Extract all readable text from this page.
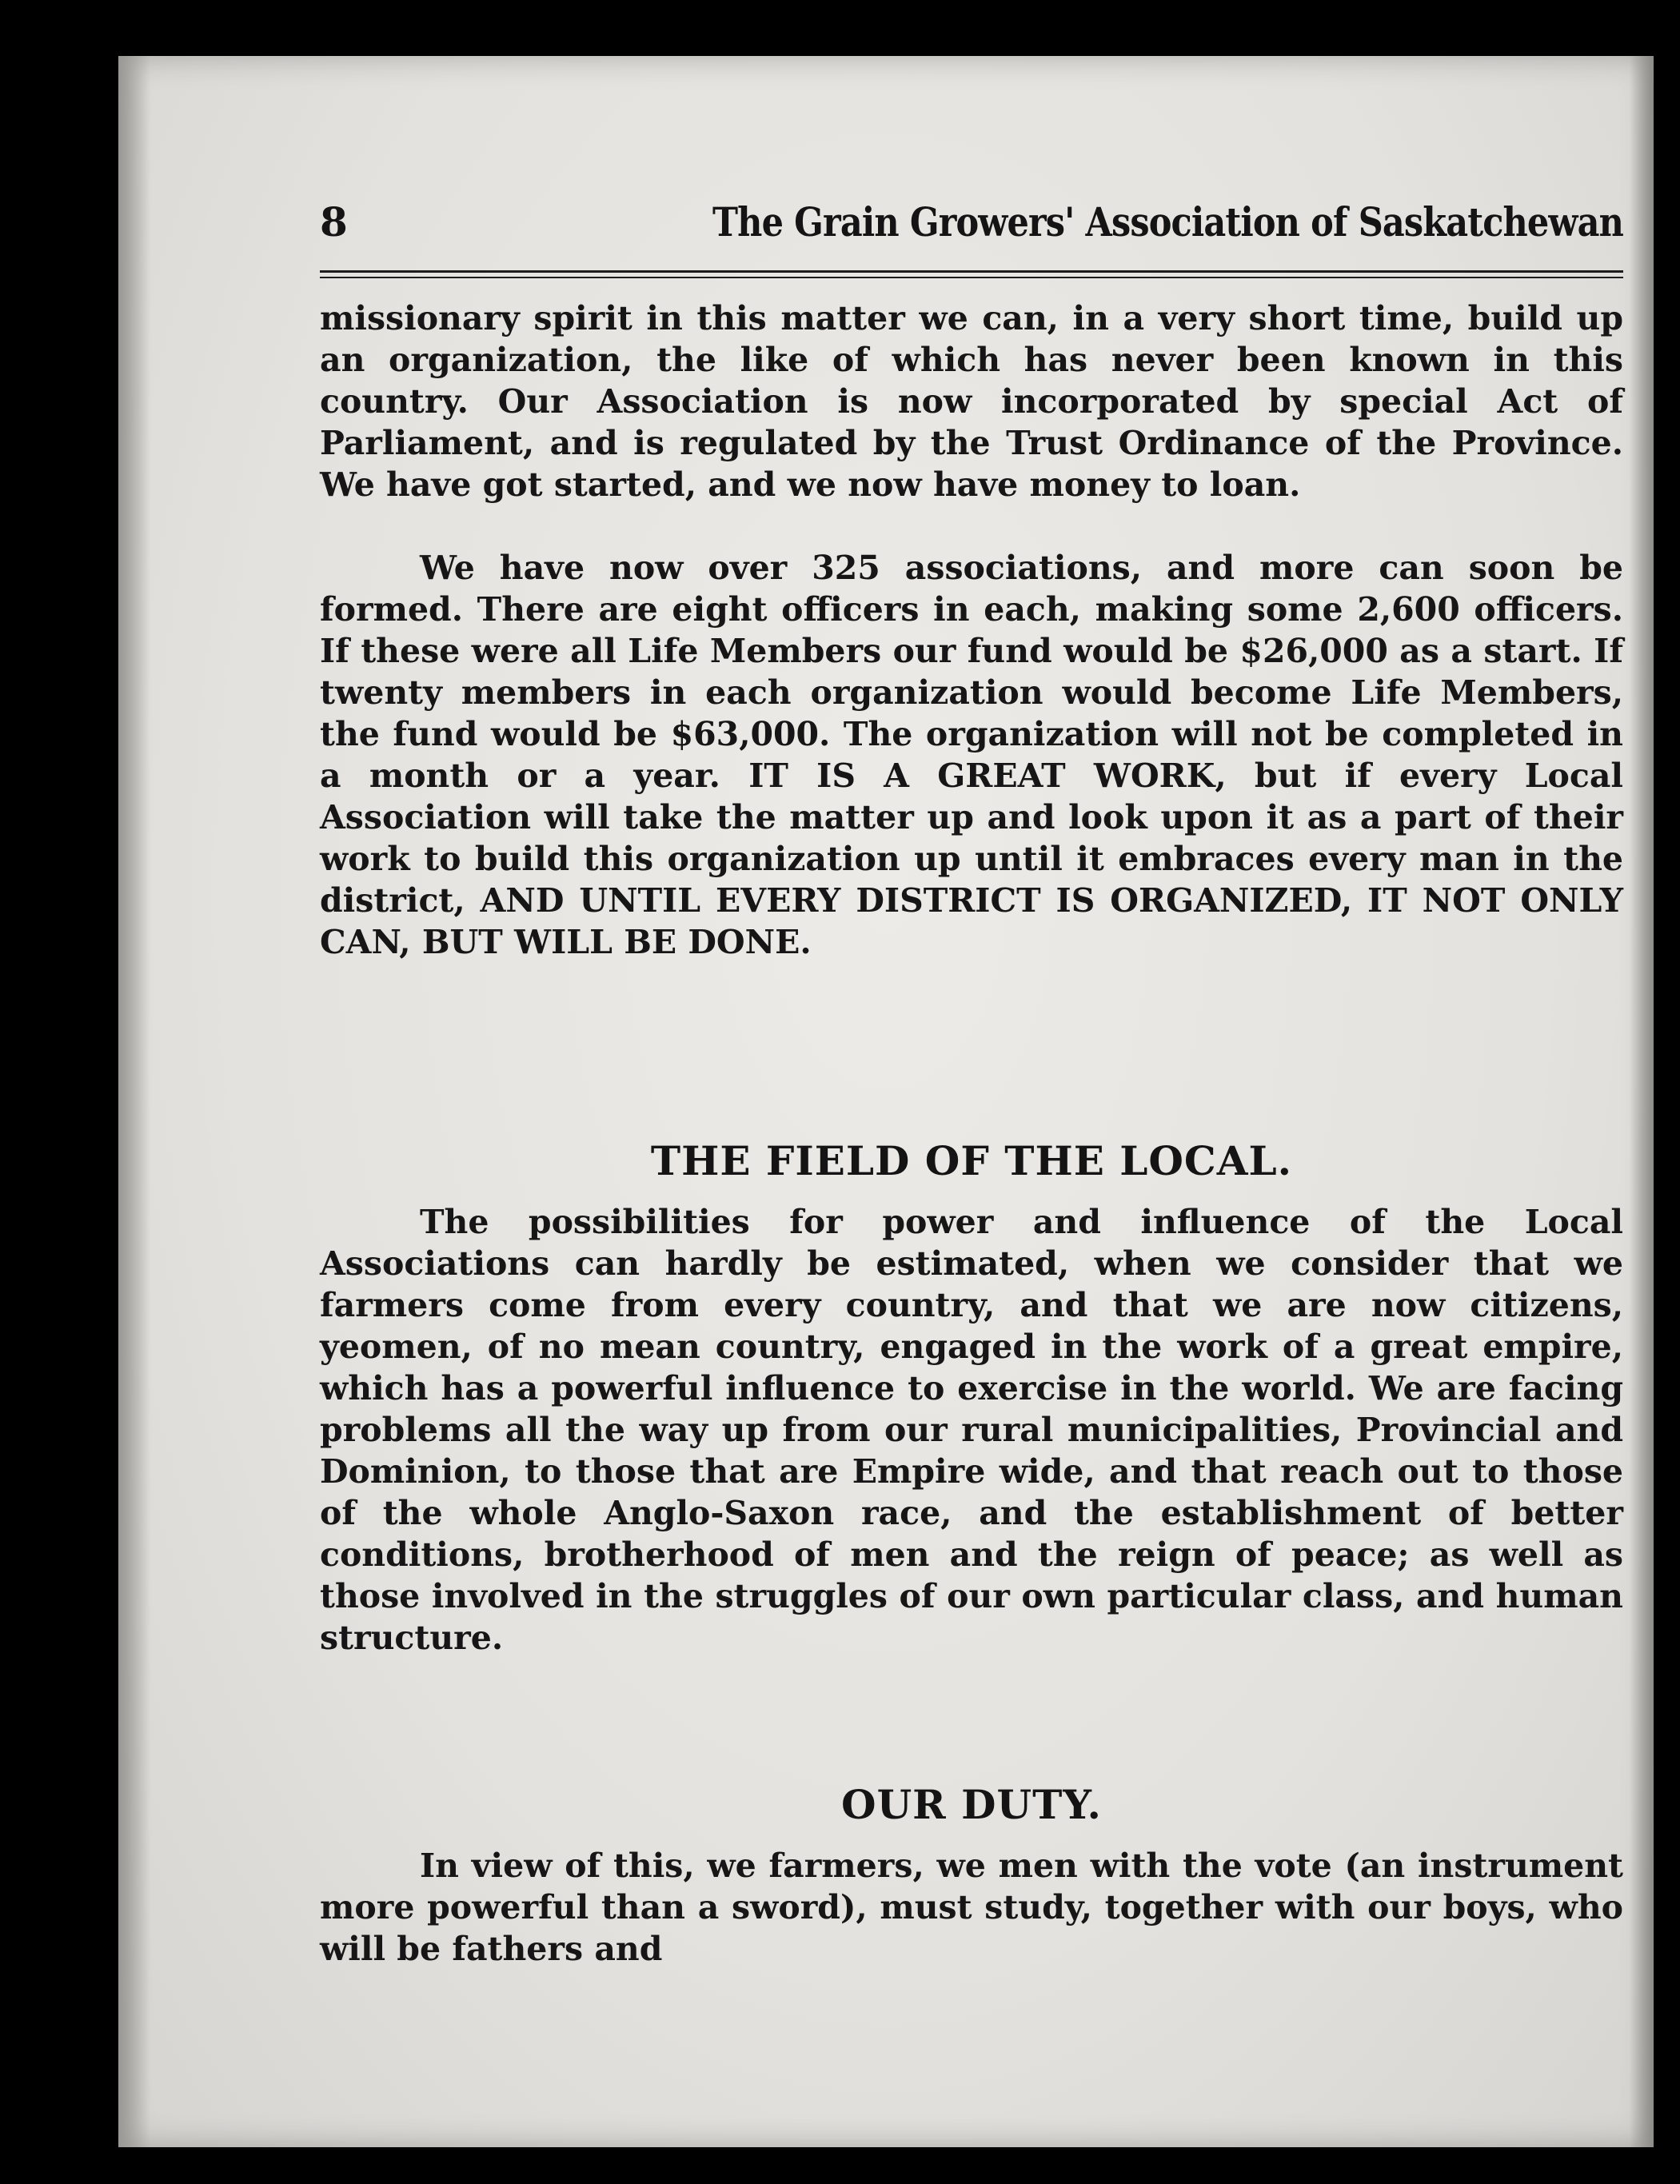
8	The Grain Growers' Association of Saskatchewan

missionary spirit in this matter we can, in a very short time, build up an organization, the like of which has never been known in this country. Our Association is now incorporated by special Act of Parliament, and is regulated by the Trust Ordinance of the Province. We have got started, and we now have money to loan.

We have now over 325 associations, and more can soon be formed. There are eight officers in each, making some 2,600 officers. If these were all Life Members our fund would be $26,000 as a start. If twenty members in each organization would become Life Members, the fund would be $63,000. The organization will not be completed in a month or a year. IT IS A GREAT WORK, but if every Local Association will take the matter up and look upon it as a part of their work to build this organization up until it embraces every man in the district, AND UNTIL EVERY DISTRICT IS ORGANIZED, IT NOT ONLY CAN, BUT WILL BE DONE.

THE FIELD OF THE LOCAL.

The possibilities for power and influence of the Local Associations can hardly be estimated, when we consider that we farmers come from every country, and that we are now citizens, yeomen, of no mean country, engaged in the work of a great empire, which has a powerful influence to exercise in the world. We are facing problems all the way up from our rural municipalities, Provincial and Dominion, to those that are Empire wide, and that reach out to those of the whole Anglo-Saxon race, and the establishment of better conditions, brotherhood of men and the reign of peace; as well as those involved in the struggles of our own particular class, and human structure.

OUR DUTY.

In view of this, we farmers, we men with the vote (an instrument more powerful than a sword), must study, together with our boys, who will be fathers and
